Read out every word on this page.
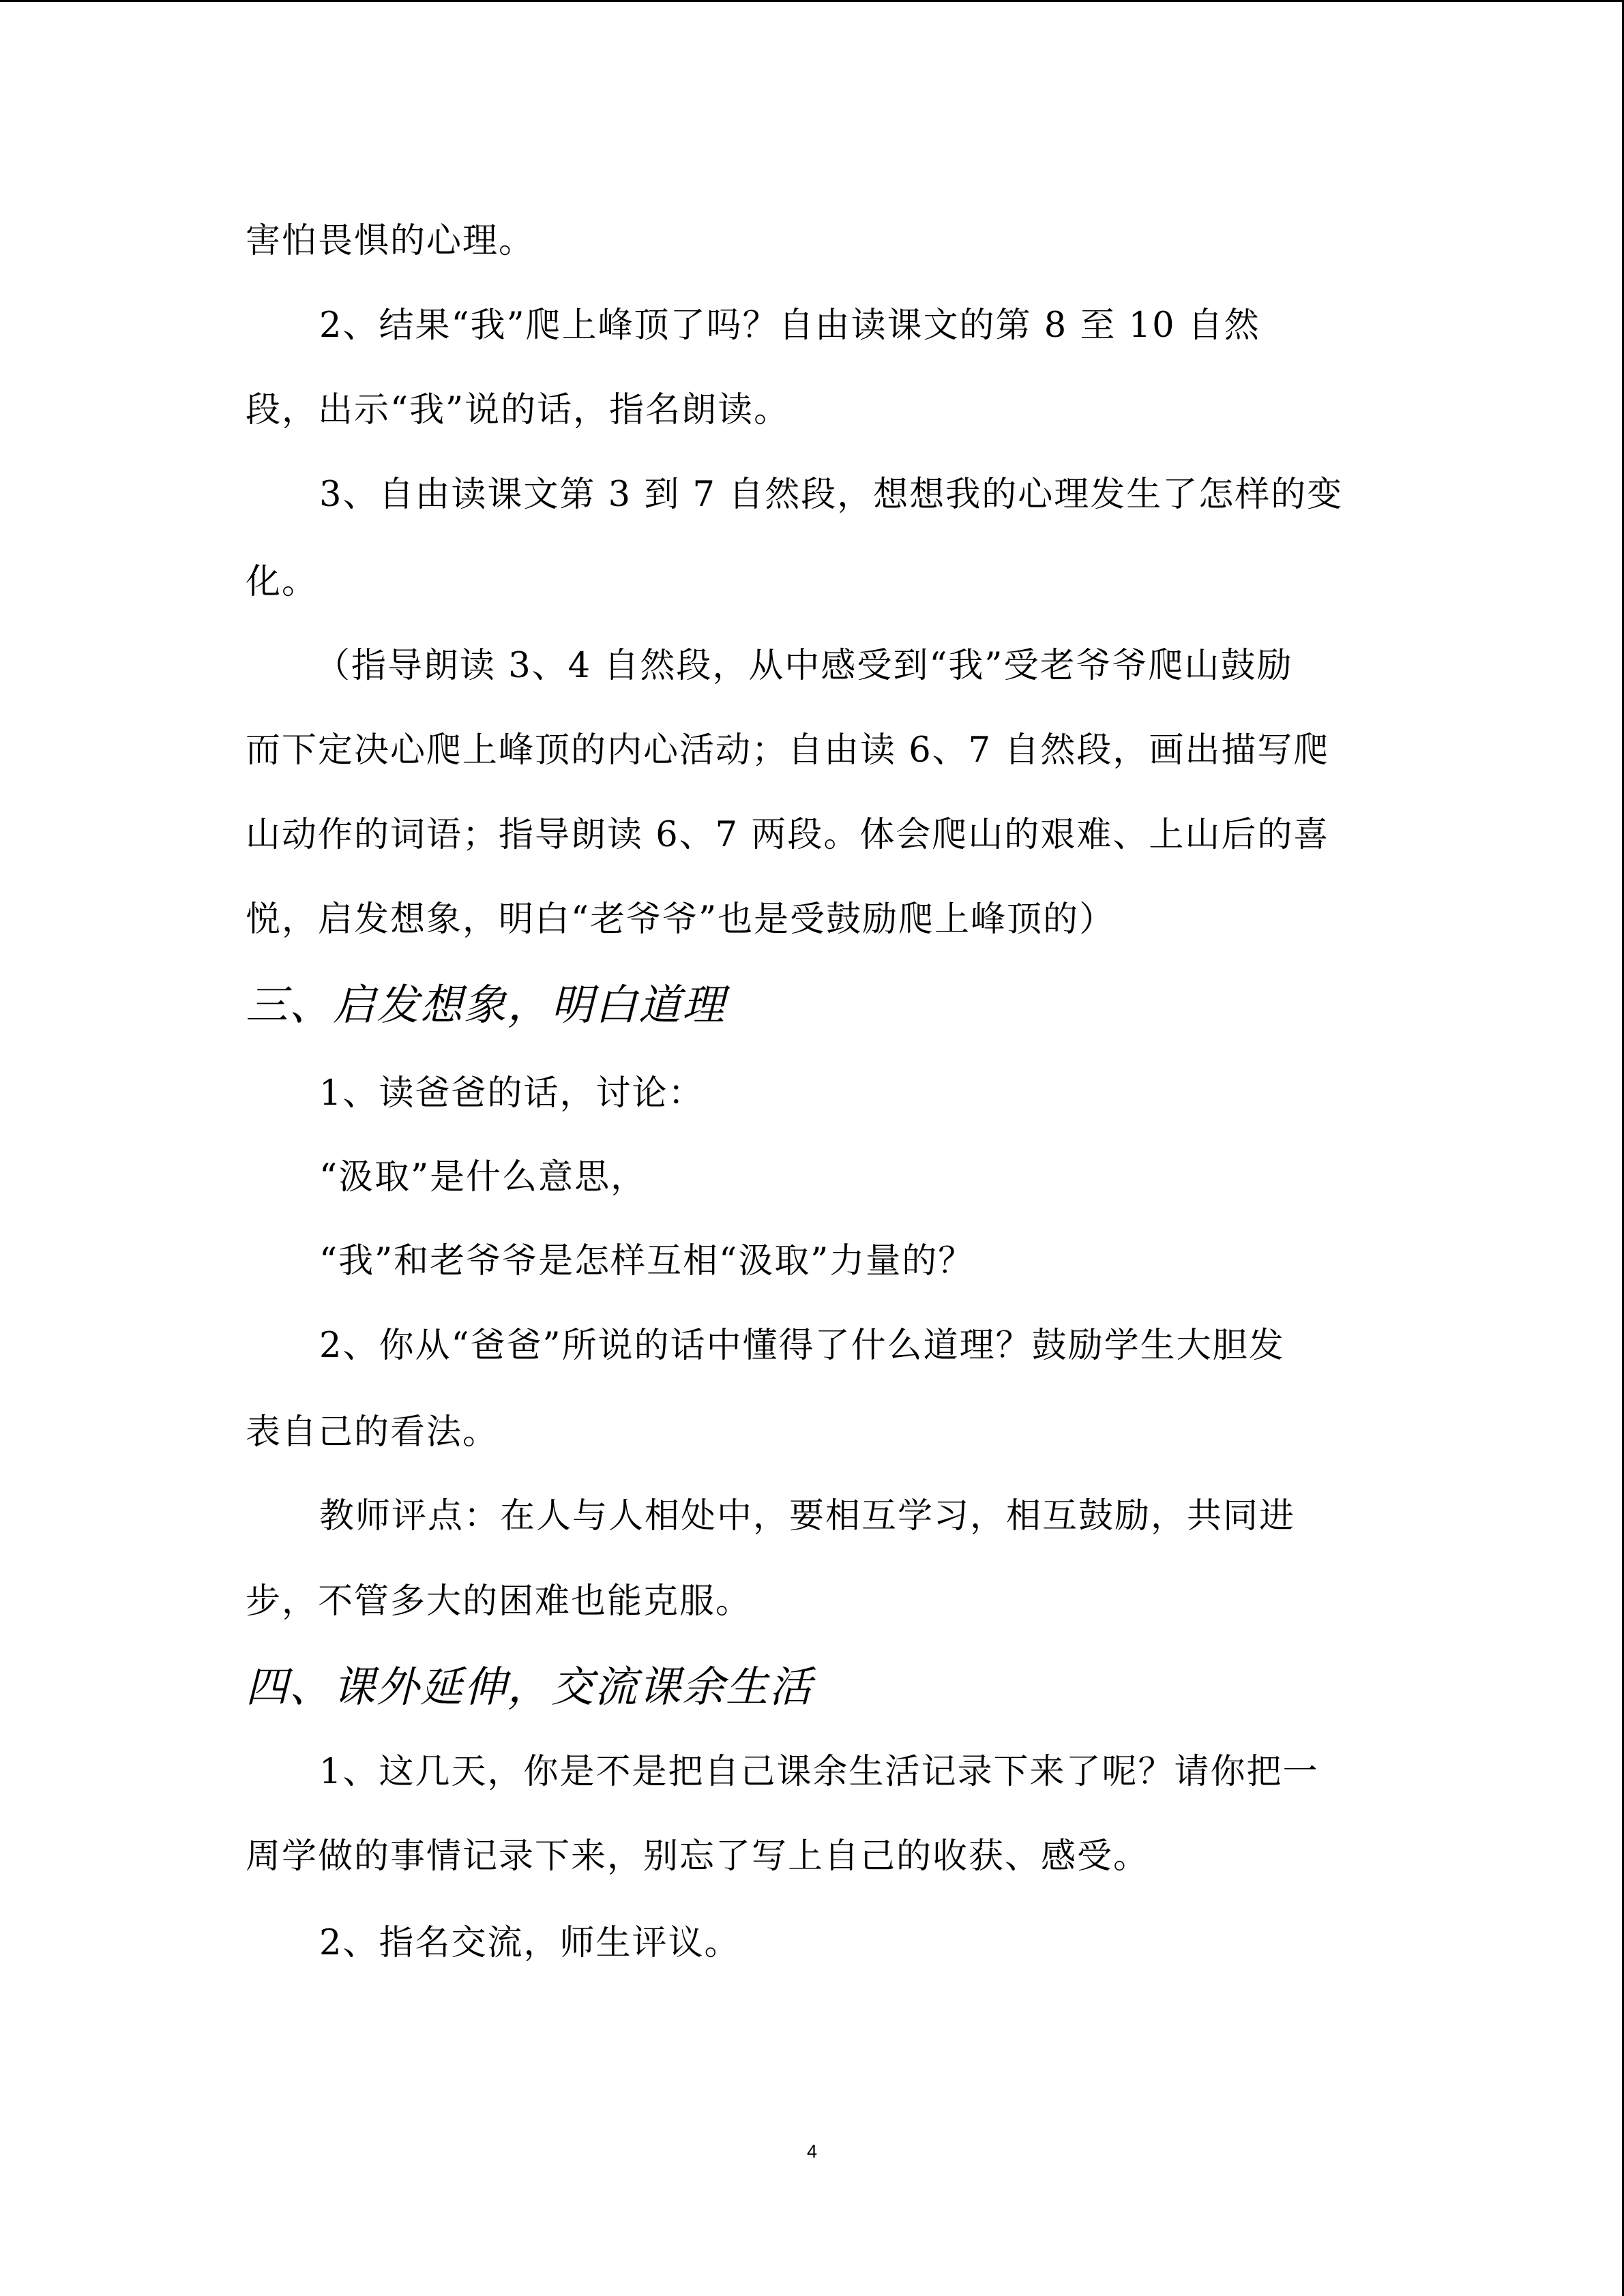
害怕畏惧的心理。
2、结果“我”爬上峰顶了吗？自由读课文的第 8 至 10 自然
段，出示“我”说的话，指名朗读。
3、自由读课文第 3 到 7 自然段，想想我的心理发生了怎样的变
化。
（指导朗读 3、4 自然段，从中感受到“我”受老爷爷爬山鼓励
而下定决心爬上峰顶的内心活动；自由读 6、7 自然段，画出描写爬
山动作的词语；指导朗读 6、7 两段。体会爬山的艰难、上山后的喜
悦，启发想象，明白“老爷爷”也是受鼓励爬上峰顶的）
三、启发想象，明白道理
1、读爸爸的话，讨论：
“汲取”是什么意思，
“我”和老爷爷是怎样互相“汲取”力量的？
2、你从“爸爸”所说的话中懂得了什么道理？鼓励学生大胆发
表自己的看法。
教师评点：在人与人相处中，要相互学习，相互鼓励，共同进
步，不管多大的困难也能克服。
四、课外延伸，交流课余生活
1、这几天，你是不是把自己课余生活记录下来了呢？请你把一
周学做的事情记录下来，别忘了写上自己的收获、感受。
2、指名交流，师生评议。
4
